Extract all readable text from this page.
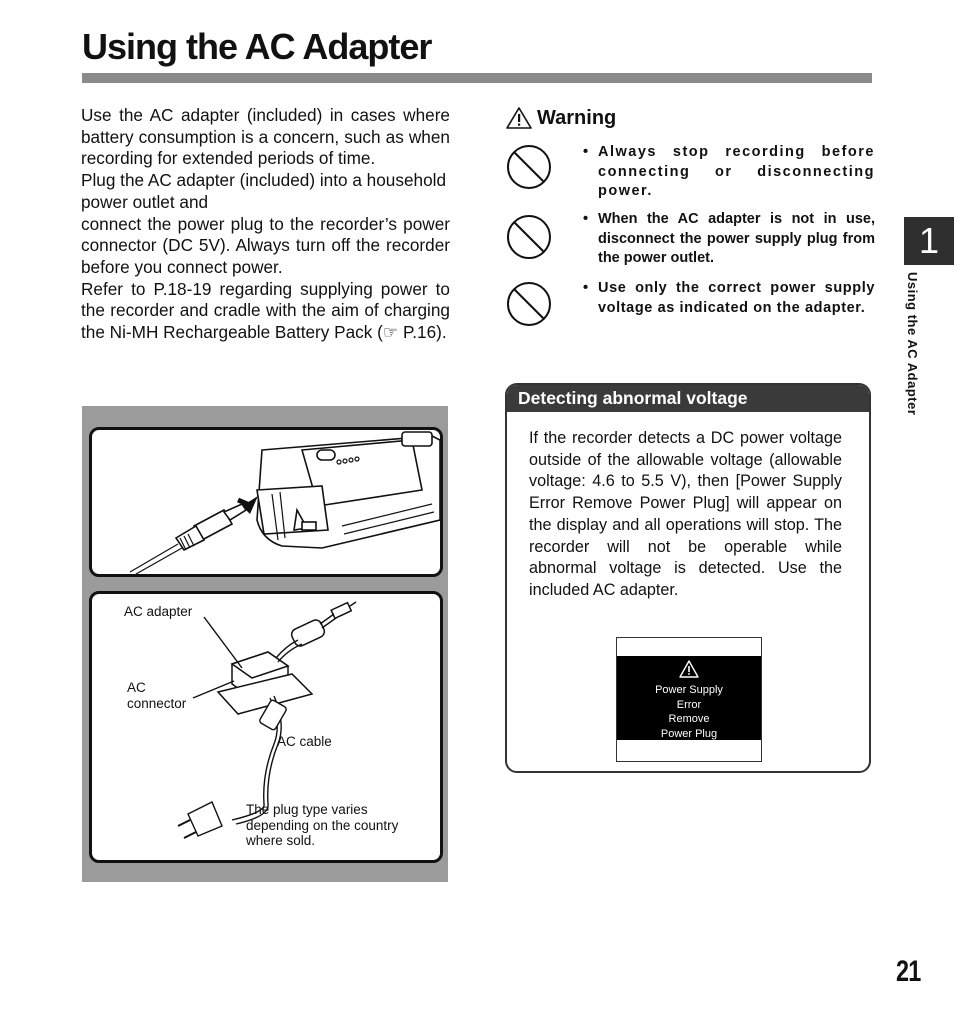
Using the AC Adapter

Use the AC adapter (included) in cases where battery consumption is a concern, such as when recording for extended periods of time.

Plug the AC adapter (included) into a household power outlet and

connect the power plug to the recorder’s power connector (DC 5V). Always turn off the recorder before you connect power.

Refer to P.18-19 regarding supplying power to the recorder and cradle with the aim of charging the Ni-MH Rechargeable Battery Pack (☞ P.16).

AC adapter
AC
connector
AC cable
The plug type varies
depending on the country
where sold.
Warning
• Always stop recording before connecting or disconnecting power.
• When the AC adapter is not in use, disconnect the power supply plug from the power outlet.
• Use only the correct power supply voltage as indicated on the adapter.
Detecting abnormal voltage
If the recorder detects a DC power voltage outside of the allowable voltage (allowable voltage: 4.6 to 5.5 V), then [Power Supply Error Remove Power Plug] will appear on the display and all operations will stop. The recorder will not be operable while abnormal voltage is detected. Use the included AC adapter.
Power Supply
Error
Remove
Power Plug
1
Using the AC Adapter
21
